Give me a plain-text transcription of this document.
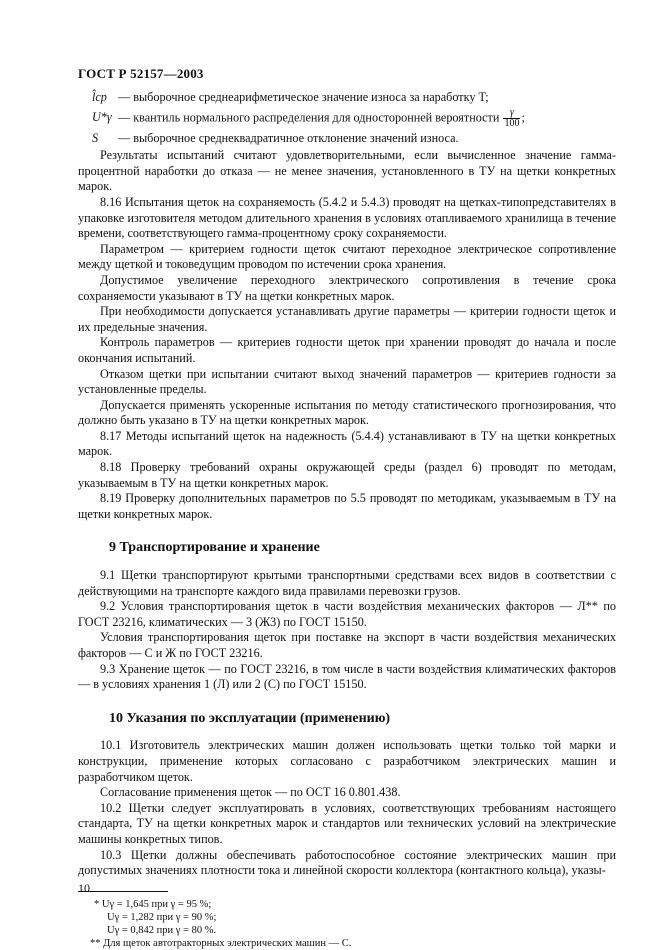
ГОСТ Р 52157—2003
l̂ср — выборочное среднеарифметическое значение износа за наработку T;
U*γ — квантиль нормального распределения для односторонней вероятности $\frac{\gamma}{100}$ ;
S	— выборочное среднеквадратичное отклонение значений износа.

Результаты испытаний считают удовлетворительными, если вычисленное значение гамма-процентной наработки до отказа — не менее значения, установленного в ТУ на щетки конкретных марок.

8.16 Испытания щеток на сохраняемость (5.4.2 и 5.4.3) проводят на щетках-типопредставителях в упаковке изготовителя методом длительного хранения в условиях отапливаемого хранилища в течение времени, соответствующего гамма-процентному сроку сохраняемости.

Параметром — критерием годности щеток считают переходное электрическое сопротивление между щеткой и токоведущим проводом по истечении срока хранения.

Допустимое увеличение переходного электрического сопротивления в течение срока сохраняемости указывают в ТУ на щетки конкретных марок.

При необходимости допускается устанавливать другие параметры — критерии годности щеток и их предельные значения.

Контроль параметров — критериев годности щеток при хранении проводят до начала и после окончания испытаний.

Отказом щетки при испытании считают выход значений параметров — критериев годности за установленные пределы.

Допускается применять ускоренные испытания по методу статистического прогнозирования, что должно быть указано в ТУ на щетки конкретных марок.

8.17 Методы испытаний щеток на надежность (5.4.4) устанавливают в ТУ на щетки конкретных марок.

8.18 Проверку требований охраны окружающей среды (раздел 6) проводят по методам, указываемым в ТУ на щетки конкретных марок.

8.19 Проверку дополнительных параметров по 5.5 проводят по методикам, указываемым в ТУ на щетки конкретных марок.

9 Транспортирование и хранение

9.1 Щетки транспортируют крытыми транспортными средствами всех видов в соответствии с действующими на транспорте каждого вида правилами перевозки грузов.

9.2 Условия транспортирования щеток в части воздействия механических факторов — Л** по ГОСТ 23216, климатических — 3 (Ж3) по ГОСТ 15150.

Условия транспортирования щеток при поставке на экспорт в части воздействия механических факторов — С и Ж по ГОСТ 23216.

9.3 Хранение щеток — по ГОСТ 23216, в том числе в части воздействия климатических факторов — в условиях хранения 1 (Л) или 2 (С) по ГОСТ 15150.

10 Указания по эксплуатации (применению)

10.1 Изготовитель электрических машин должен использовать щетки только той марки и конструкции, применение которых согласовано с разработчиком электрических машин и разработчиком щеток.

Согласование применения щеток — по ОСТ 16 0.801.438.

10.2 Щетки следует эксплуатировать в условиях, соответствующих требованиям настоящего стандарта, ТУ на щетки конкретных марок и стандартов или технических условий на электрические машины конкретных типов.

10.3 Щетки должны обеспечивать работоспособное состояние электрических машин при допустимых значениях плотности тока и линейной скорости коллектора (контактного кольца), указы-

* Uγ = 1,645 при γ = 95 %;

Uγ = 1,282 при γ = 90 %;

Uγ = 0,842 при γ = 80 %.

** Для щеток автотракторных электрических машин — С.

10
